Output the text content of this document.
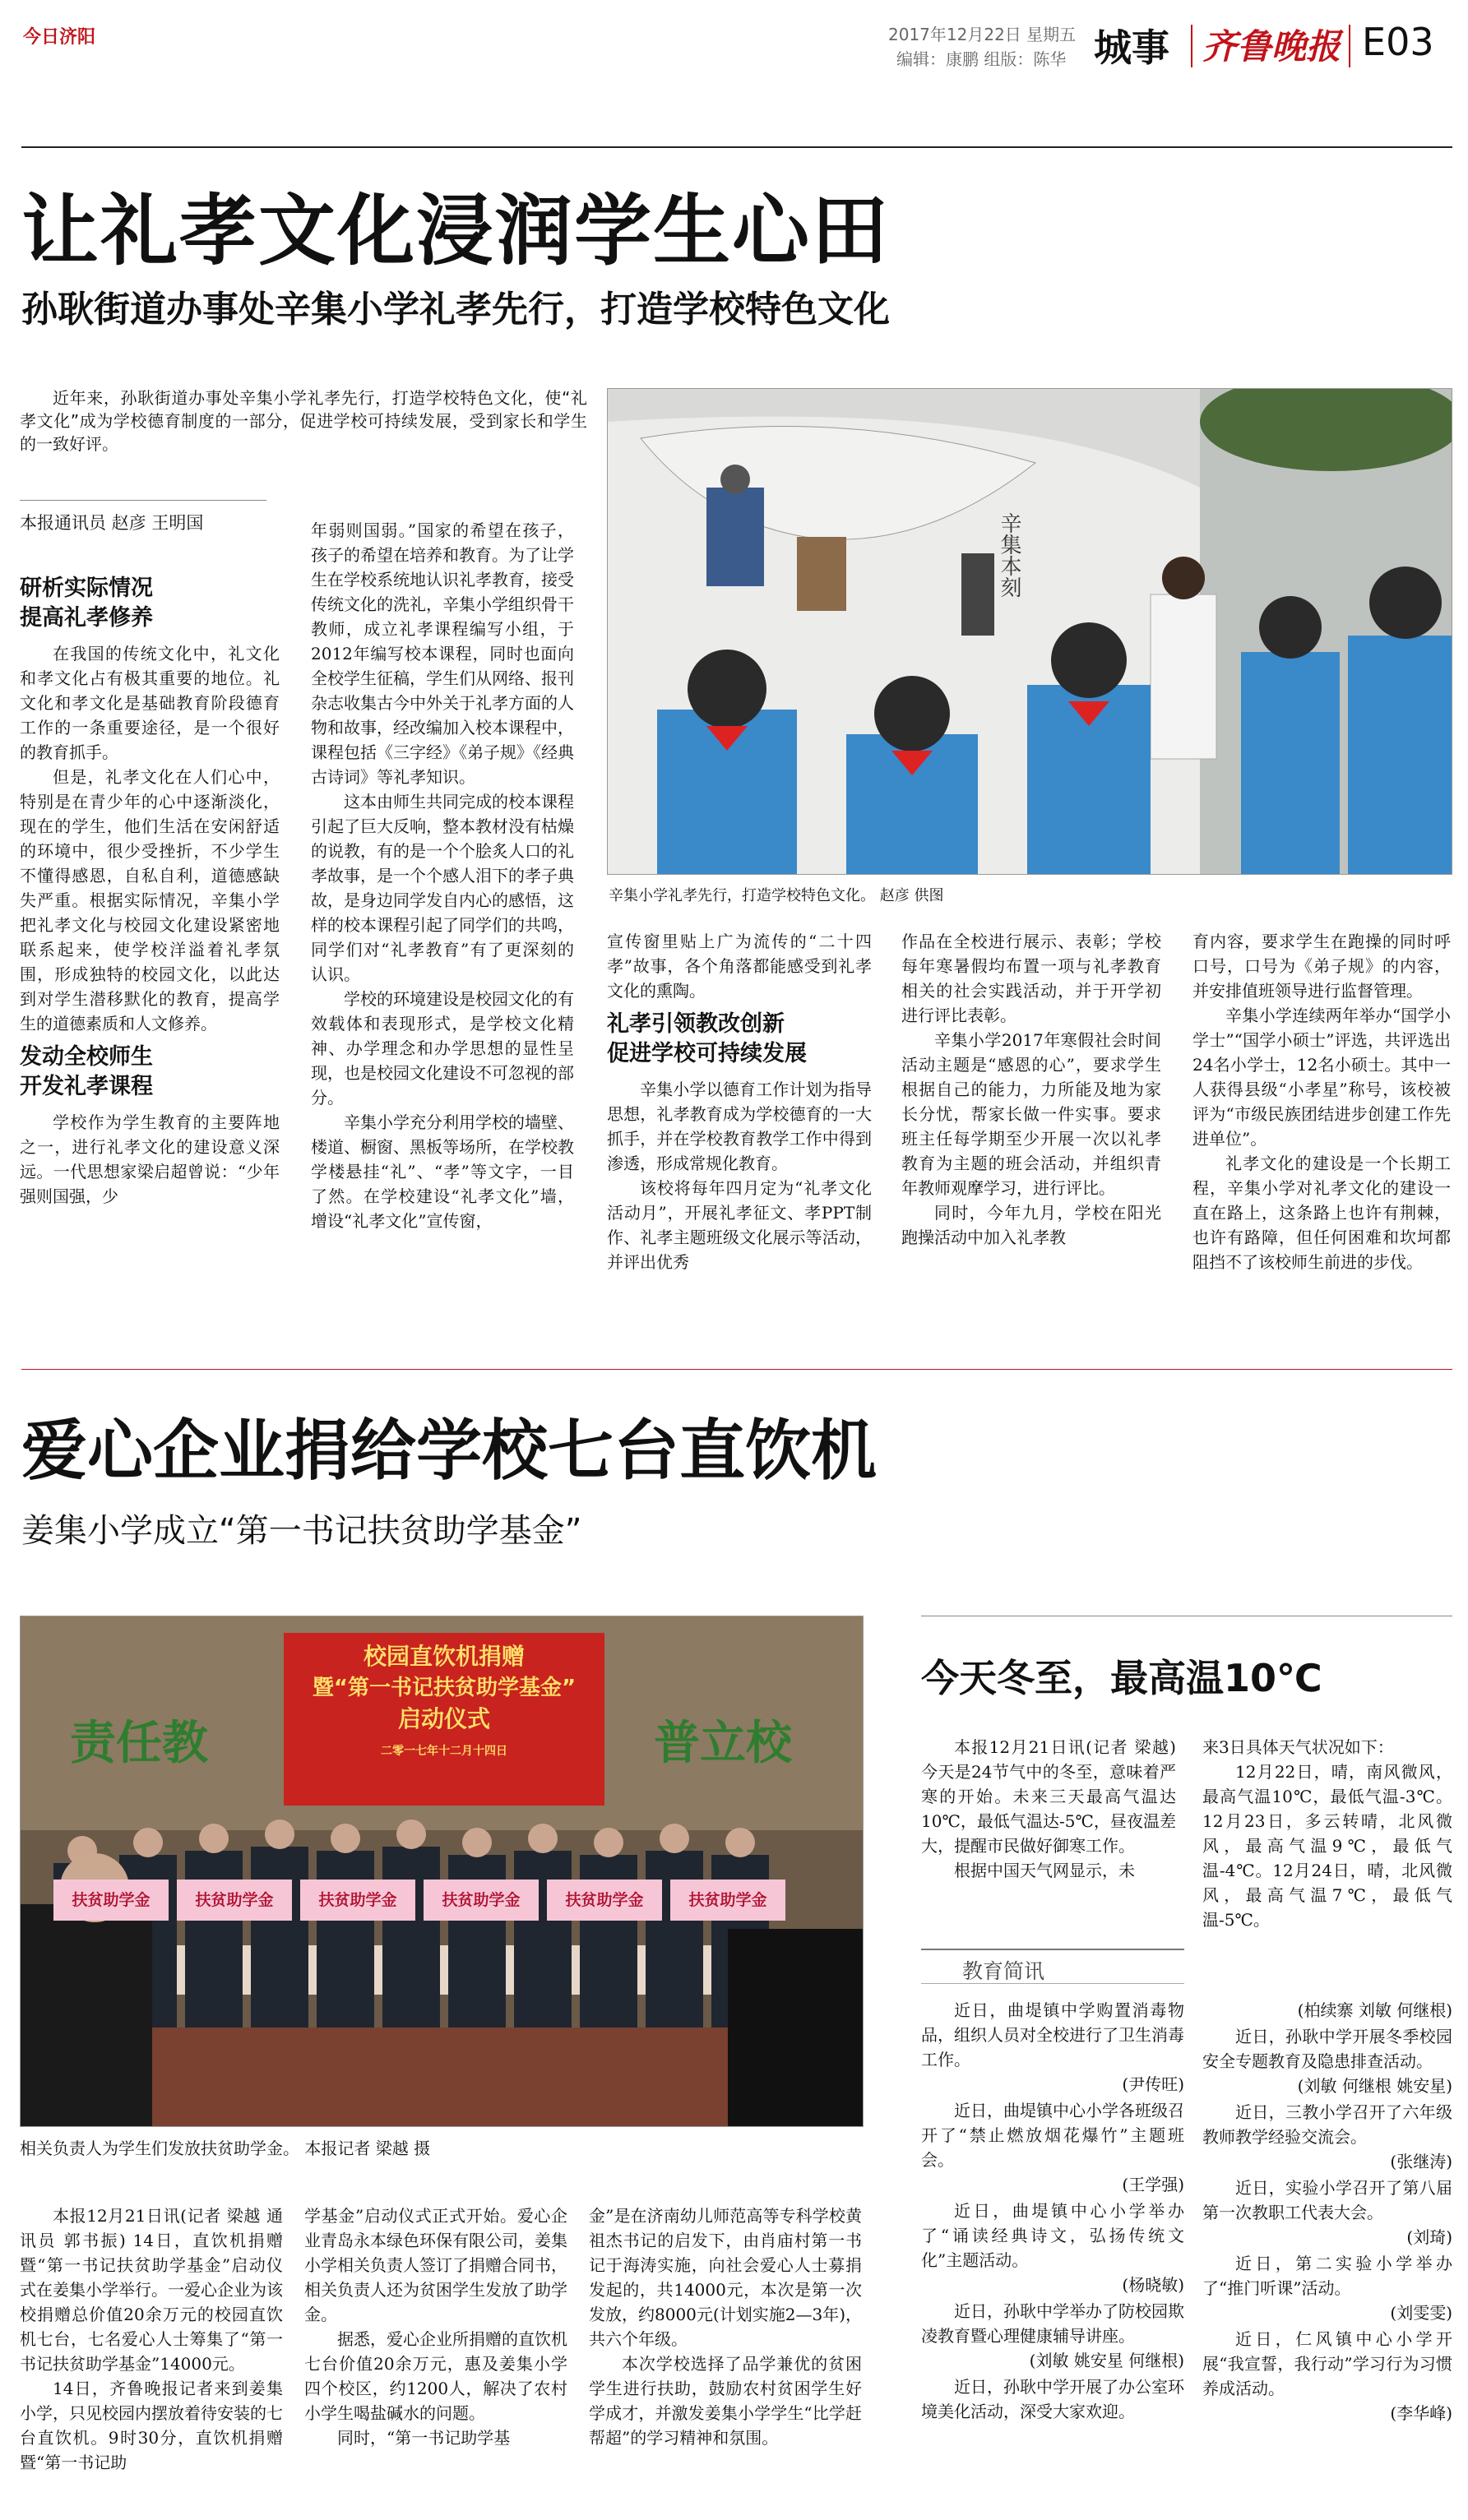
今日济阳	2017年12月22日 星期五
编辑：康鹏 组版：陈华 城事 齐鲁晚报 E03
让礼孝文化浸润学生心田
孙耿街道办事处辛集小学礼孝先行，打造学校特色文化

近年来，孙耿街道办事处辛集小学礼孝先行，打造学校特色文化，使“礼孝文化”成为学校德育制度的一部分，促进学校可持续发展，受到家长和学生的一致好评。

本报通讯员 赵彦 王明国	辛集本刻
辛集小学礼孝先行，打造学校特色文化。 赵彦 供图
研析实际情况
提高礼孝修养

在我国的传统文化中，礼文化和孝文化占有极其重要的地位。礼文化和孝文化是基础教育阶段德育工作的一条重要途径，是一个很好的教育抓手。

但是，礼孝文化在人们心中，特别是在青少年的心中逐渐淡化，现在的学生，他们生活在安闲舒适的环境中，很少受挫折，不少学生不懂得感恩，自私自利，道德感缺失严重。根据实际情况，辛集小学把礼孝文化与校园文化建设紧密地联系起来，使学校洋溢着礼孝氛围，形成独特的校园文化，以此达到对学生潜移默化的教育，提高学生的道德素质和人文修养。

发动全校师生
开发礼孝课程

学校作为学生教育的主要阵地之一，进行礼孝文化的建设意义深远。一代思想家梁启超曾说：“少年强则国强，少

年弱则国弱。”国家的希望在孩子，孩子的希望在培养和教育。为了让学生在学校系统地认识礼孝教育，接受传统文化的洗礼，辛集小学组织骨干教师，成立礼孝课程编写小组，于2012年编写校本课程，同时也面向全校学生征稿，学生们从网络、报刊杂志收集古今中外关于礼孝方面的人物和故事，经改编加入校本课程中，课程包括《三字经》《弟子规》《经典古诗词》等礼孝知识。

这本由师生共同完成的校本课程引起了巨大反响，整本教材没有枯燥的说教，有的是一个个脍炙人口的礼孝故事，是一个个感人泪下的孝子典故，是身边同学发自内心的感悟，这样的校本课程引起了同学们的共鸣，同学们对“礼孝教育”有了更深刻的认识。

学校的环境建设是校园文化的有效载体和表现形式，是学校文化精神、办学理念和办学思想的显性呈现，也是校园文化建设不可忽视的部分。

辛集小学充分利用学校的墙壁、楼道、橱窗、黑板等场所，在学校教学楼悬挂“礼”、“孝”等文字，一目了然。在学校建设“礼孝文化”墙，增设“礼孝文化”宣传窗，

宣传窗里贴上广为流传的“二十四孝”故事，各个角落都能感受到礼孝文化的熏陶。

礼孝引领教改创新
促进学校可持续发展

辛集小学以德育工作计划为指导思想，礼孝教育成为学校德育的一大抓手，并在学校教育教学工作中得到渗透，形成常规化教育。

该校将每年四月定为“礼孝文化活动月”，开展礼孝征文、孝PPT制作、礼孝主题班级文化展示等活动，并评出优秀

作品在全校进行展示、表彰；学校每年寒暑假均布置一项与礼孝教育相关的社会实践活动，并于开学初进行评比表彰。

辛集小学2017年寒假社会时间活动主题是“感恩的心”，要求学生根据自己的能力，力所能及地为家长分忧，帮家长做一件实事。要求班主任每学期至少开展一次以礼孝教育为主题的班会活动，并组织青年教师观摩学习，进行评比。

同时，今年九月，学校在阳光跑操活动中加入礼孝教

育内容，要求学生在跑操的同时呼口号，口号为《弟子规》的内容，并安排值班领导进行监督管理。

辛集小学连续两年举办“国学小学士”“国学小硕士”评选，共评选出24名小学士，12名小硕士。其中一人获得县级“小孝星”称号，该校被评为“市级民族团结进步创建工作先进单位”。

礼孝文化的建设是一个长期工程，辛集小学对礼孝文化的建设一直在路上，这条路上也许有荆棘，也许有路障，但任何困难和坎坷都阻挡不了该校师生前进的步伐。

爱心企业捐给学校七台直饮机
姜集小学成立“第一书记扶贫助学基金”
责任教	普立校
校园直饮机捐赠
暨“第一书记扶贫助学基金”
启动仪式
二零一七年十二月十四日
扶贫助学金	扶贫助学金	扶贫助学金	扶贫助学金	扶贫助学金	扶贫助学金
相关负责人为学生们发放扶贫助学金。 本报记者 梁越 摄

本报12月21日讯(记者 梁越 通讯员 郭书振) 14日，直饮机捐赠暨“第一书记扶贫助学基金”启动仪式在姜集小学举行。一爱心企业为该校捐赠总价值20余万元的校园直饮机七台，七名爱心人士筹集了“第一书记扶贫助学基金”14000元。

14日，齐鲁晚报记者来到姜集小学，只见校园内摆放着待安装的七台直饮机。9时30分，直饮机捐赠暨“第一书记助

学基金”启动仪式正式开始。爱心企业青岛永本绿色环保有限公司，姜集小学相关负责人签订了捐赠合同书，相关负责人还为贫困学生发放了助学金。

据悉，爱心企业所捐赠的直饮机七台价值20余万元，惠及姜集小学四个校区，约1200人，解决了农村小学生喝盐碱水的问题。

同时，“第一书记助学基

金”是在济南幼儿师范高等专科学校黄祖杰书记的启发下，由肖庙村第一书记于海涛实施，向社会爱心人士募捐发起的，共14000元，本次是第一次发放，约8000元(计划实施2—3年)，共六个年级。

本次学校选择了品学兼优的贫困学生进行扶助，鼓励农村贫困学生好学成才，并激发姜集小学学生“比学赶帮超”的学习精神和氛围。

今天冬至，最高温10℃

本报12月21日讯(记者 梁越) 今天是24节气中的冬至，意味着严寒的开始。未来三天最高气温达10℃，最低气温达-5℃，昼夜温差大，提醒市民做好御寒工作。

根据中国天气网显示，未

来3日具体天气状况如下：

12月22日，晴，南风微风，最高气温10℃，最低气温-3℃。12月23日，多云转晴，北风微风，最高气温9℃，最低气温-4℃。12月24日，晴，北风微风，最高气温7℃，最低气温-5℃。

教育简讯

近日，曲堤镇中学购置消毒物品，组织人员对全校进行了卫生消毒工作。

(尹传旺)

近日，曲堤镇中心小学各班级召开了“禁止燃放烟花爆竹”主题班会。

(王学强)

近日，曲堤镇中心小学举办了“诵读经典诗文，弘扬传统文化”主题活动。

(杨晓敏)

近日，孙耿中学举办了防校园欺凌教育暨心理健康辅导讲座。

(刘敏 姚安星 何继根)

近日，孙耿中学开展了办公室环境美化活动，深受大家欢迎。

(柏续寨 刘敏 何继根)

近日，孙耿中学开展冬季校园安全专题教育及隐患排查活动。

(刘敏 何继根 姚安星)

近日，三教小学召开了六年级教师教学经验交流会。

(张继涛)

近日，实验小学召开了第八届第一次教职工代表大会。

(刘琦)

近日，第二实验小学举办了“推门听课”活动。

(刘雯雯)

近日，仁风镇中心小学开展“我宣誓，我行动”学习行为习惯养成活动。

(李华峰)
